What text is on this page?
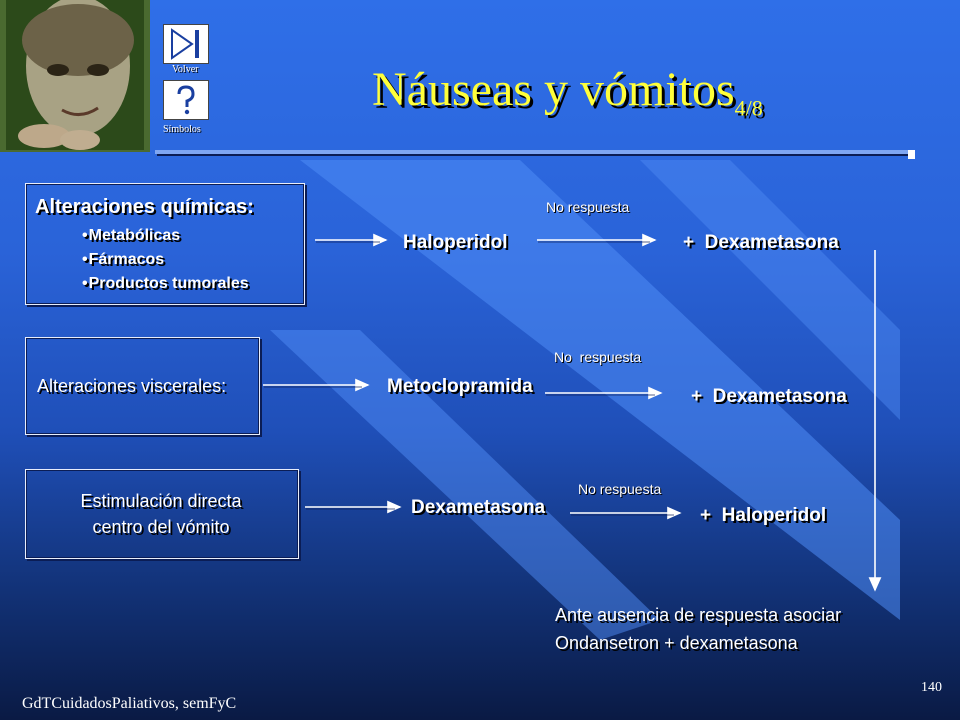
Volver
Símbolos
Náuseas y vómitos$_{4/8}$
Alteraciones químicas:
• Metabólicas
• Fármacos
• Productos tumorales
Haloperidol
No respuesta
+  Dexametasona
Alteraciones viscerales:	Metoclopramida
No  respuesta
+  Dexametasona
Estimulación directa
centro del vómito
Dexametasona
No respuesta
+  Haloperidol
Ante ausencia de respuesta asociar
Ondansetron + dexametasona
GdTCuidadosPaliativos, semFyC
140
